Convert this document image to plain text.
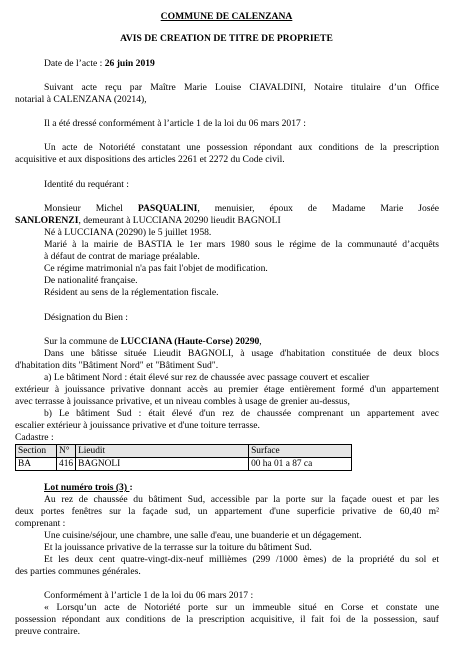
COMMUNE DE CALENZANA
AVIS DE CREATION DE TITRE DE PROPRIETE
Date de l’acte : 26 juin 2019
Suivant acte reçu par Maître Marie Louise CIAVALDINI, Notaire titulaire d’un Office
notarial à CALENZANA (20214),
Il a été dressé conformément à l’article 1 de la loi du 06 mars 2017 :
Un acte de Notoriété constatant une possession répondant aux conditions de la prescription
acquisitive et aux dispositions des articles 2261 et 2272 du Code civil.
Identité du requérant :
Monsieur Michel PASQUALINI, menuisier, époux de Madame Marie Josée
SANLORENZI, demeurant à LUCCIANA 20290 lieudit BAGNOLI
Né à LUCCIANA (20290) le 5 juillet 1958.
Marié à la mairie de BASTIA le 1er mars 1980 sous le régime de la communauté d’acquêts
à défaut de contrat de mariage préalable.
Ce régime matrimonial n'a pas fait l'objet de modification.
De nationalité française.
Résident au sens de la réglementation fiscale.
Désignation du Bien :
Sur la commune de LUCCIANA (Haute-Corse) 20290,
Dans une bâtisse située Lieudit BAGNOLI, à usage d'habitation constituée de deux blocs
d'habitation dits "Bâtiment Nord" et "Bâtiment Sud".
a) Le bâtiment Nord : était élevé sur rez de chaussée avec passage couvert et escalier
extérieur à jouissance privative donnant accès au premier étage entièrement formé d'un appartement
avec terrasse à jouissance privative, et un niveau combles à usage de grenier au-dessus,
b) Le bâtiment Sud : était élevé d'un rez de chaussée comprenant un appartement avec
escalier extérieur à jouissance privative et d'une toiture terrasse.
Cadastre :
Section	N°	Lieudit	Surface
BA	416	BAGNOLI	00 ha 01 a 87 ca
Lot numéro trois (3) :
Au rez de chaussée du bâtiment Sud, accessible par la porte sur la façade ouest et par les
deux portes fenêtres sur la façade sud, un appartement d'une superficie privative de 60,40 m²
comprenant :
Une cuisine/séjour, une chambre, une salle d'eau, une buanderie et un dégagement.
Et la jouissance privative de la terrasse sur la toiture du bâtiment Sud.
Et les deux cent quatre-vingt-dix-neuf millièmes (299 /1000 èmes) de la propriété du sol et
des parties communes générales.
Conformément à l’article 1 de la loi du 06 mars 2017 :
« Lorsqu’un acte de Notoriété porte sur un immeuble situé en Corse et constate une
possession répondant aux conditions de la prescription acquisitive, il fait foi de la possession, sauf
preuve contraire.
